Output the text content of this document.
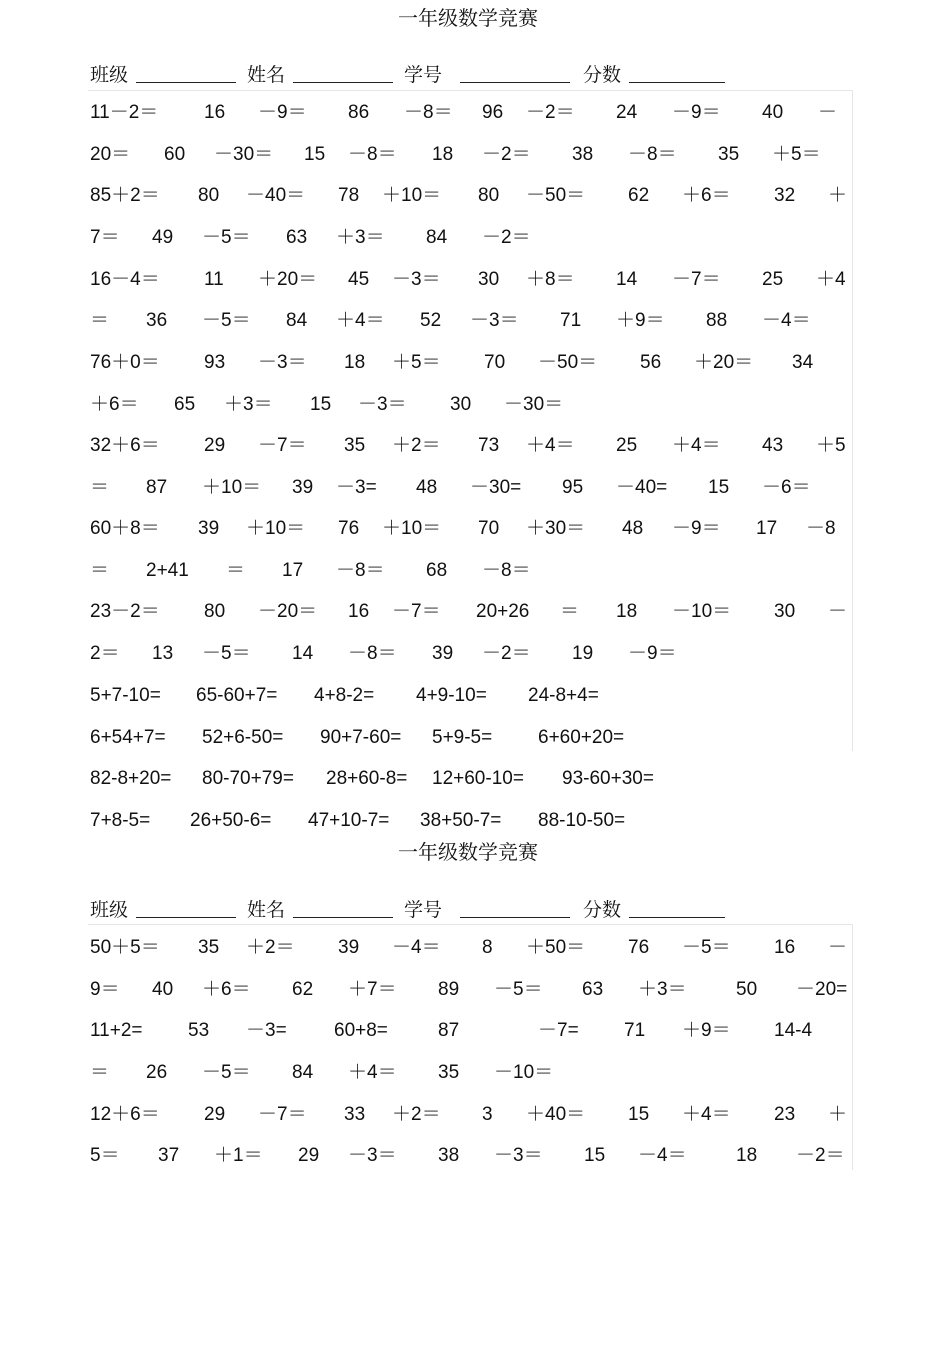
一年级数学竞赛
班级	姓名	学号	分数
11－2＝ 16 －9＝ 86 －8＝ 96 －2＝ 24 －9＝ 40 －
20＝ 60 －30＝ 15 －8＝ 18 －2＝ 38 －8＝ 35 ＋5＝
85＋2＝ 80 －40＝ 78 ＋10＝ 80 －50＝ 62 ＋6＝ 32 ＋
7＝ 49 －5＝ 63 ＋3＝ 84 －2＝
16－4＝ 11 ＋20＝ 45 －3＝ 30 ＋8＝ 14 －7＝ 25 ＋4
＝ 36 －5＝ 84 ＋4＝ 52 －3＝ 71 ＋9＝ 88 －4＝
76＋0＝ 93 －3＝ 18 ＋5＝ 70 －50＝ 56 ＋20＝ 34
＋6＝ 65 ＋3＝ 15 －3＝ 30 －30＝
32＋6＝ 29 －7＝ 35 ＋2＝ 73 ＋4＝ 25 ＋4＝ 43 ＋5
＝ 87 ＋10＝ 39 －3= 48 －30= 95 －40= 15 －6＝
60＋8＝ 39 ＋10＝ 76 ＋10＝ 70 ＋30＝ 48 －9＝ 17 －8
＝ 2+41 ＝ 17 －8＝ 68 －8＝
23－2＝ 80 －20＝ 16 －7＝ 20+26 ＝ 18 －10＝ 30 －
2＝ 13 －5＝ 14 －8＝ 39 －2＝ 19 －9＝
5+7-10= 65-60+7= 4+8-2= 4+9-10= 24-8+4=
6+54+7= 52+6-50= 90+7-60= 5+9-5= 6+60+20=
82-8+20= 80-70+79= 28+60-8= 12+60-10= 93-60+30=
7+8-5= 26+50-6= 47+10-7= 38+50-7= 88-10-50=
一年级数学竞赛
班级	姓名	学号	分数
50＋5＝ 35 ＋2＝ 39 －4＝ 8 ＋50＝ 76 －5＝ 16 －
9＝ 40 ＋6＝ 62 ＋7＝ 89 －5＝ 63 ＋3＝	50 －20=
11+2= 53 －3= 60+8=	87	－7= 71 ＋9＝ 14-4
＝ 26 －5＝ 84 ＋4＝ 35 －10＝
12＋6＝ 29 －7＝ 33 ＋2＝ 3 ＋40＝ 15 ＋4＝ 23 ＋
5＝ 37 ＋1＝ 29 －3＝ 38 －3＝ 15 －4＝	18 －2＝
